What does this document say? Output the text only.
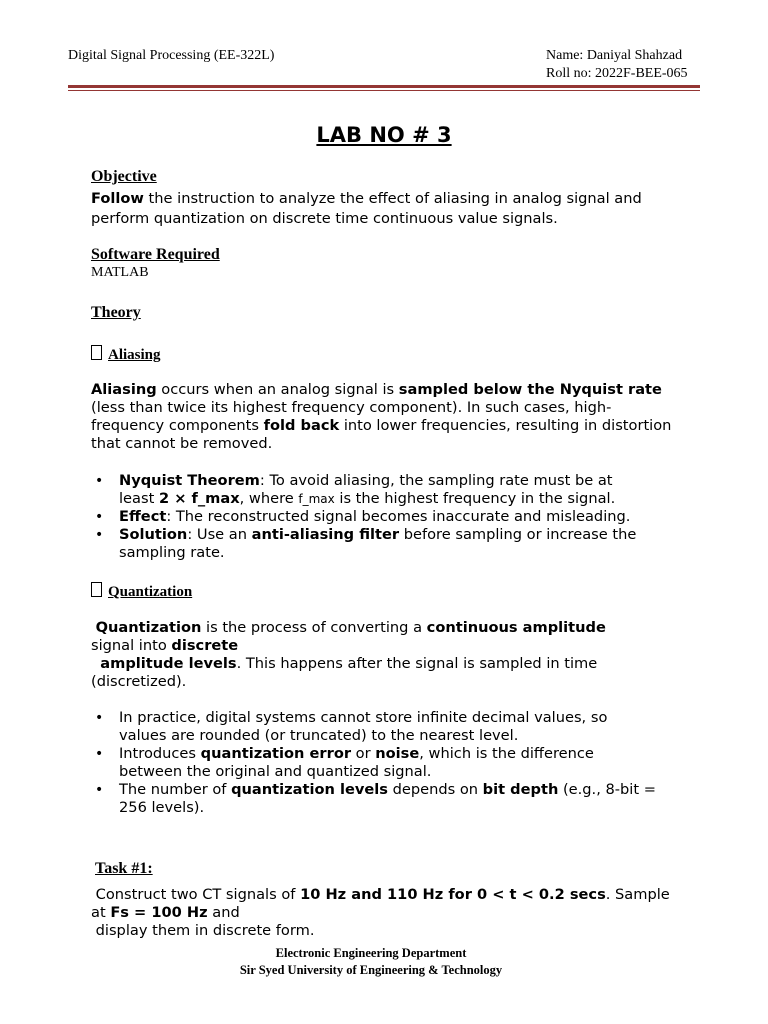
Digital Signal Processing (EE-322L)	Name: Daniyal Shahzad
Roll no: 2022F-BEE-065
LAB NO # 3
Objective
Follow the instruction to analyze the effect of aliasing in analog signal and
perform quantization on discrete time continuous value signals.
Software Required
MATLAB
Theory
Aliasing
Aliasing occurs when an analog signal is sampled below the Nyquist rate
(less than twice its highest frequency component). In such cases, high-
frequency components fold back into lower frequencies, resulting in distortion
that cannot be removed.
• Nyquist Theorem: To avoid aliasing, the sampling rate must be at
least 2 × f_max, where f_max is the highest frequency in the signal.
• Effect: The reconstructed signal becomes inaccurate and misleading.
• Solution: Use an anti-aliasing filter before sampling or increase the
sampling rate.
Quantization
Quantization is the process of converting a continuous amplitude
signal into discrete
amplitude levels. This happens after the signal is sampled in time
(discretized).
• In practice, digital systems cannot store infinite decimal values, so
values are rounded (or truncated) to the nearest level.
• Introduces quantization error or noise, which is the difference
between the original and quantized signal.
• The number of quantization levels depends on bit depth (e.g., 8-bit =
256 levels).
Task #1:
Construct two CT signals of 10 Hz and 110 Hz for 0 < t < 0.2 secs. Sample
at Fs = 100 Hz and
display them in discrete form.
Electronic Engineering Department
Sir Syed University of Engineering & Technology
